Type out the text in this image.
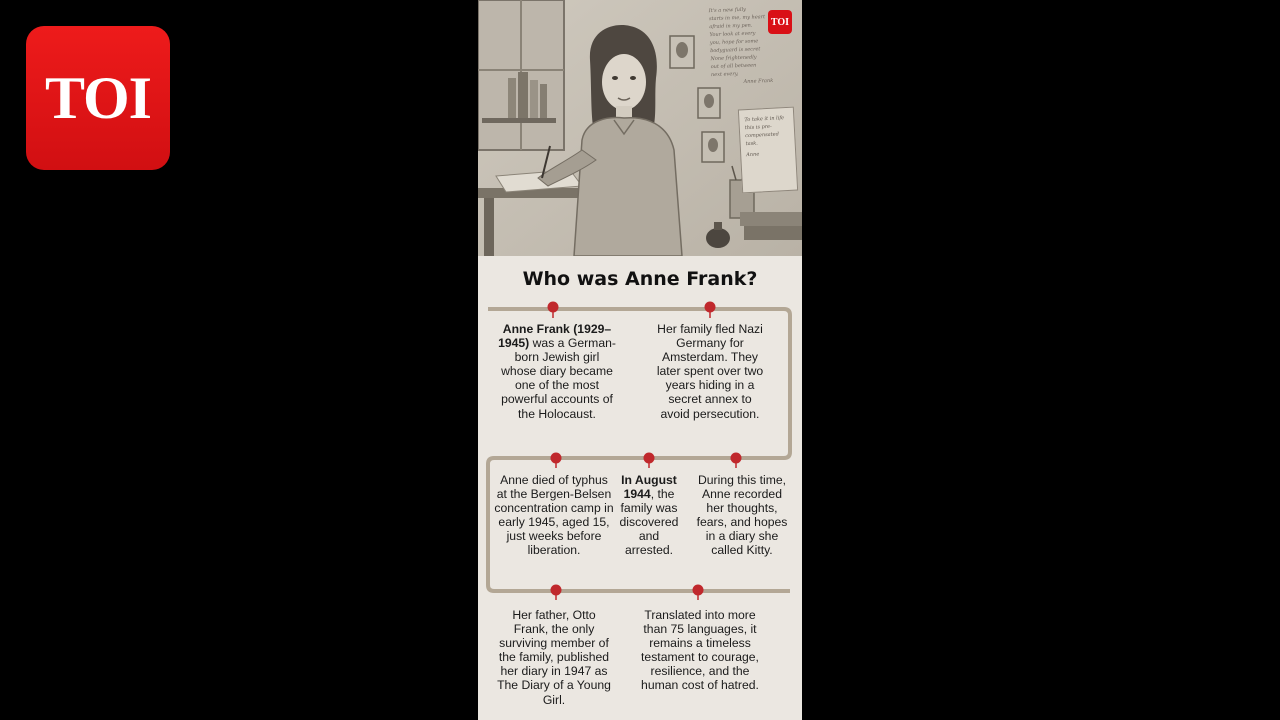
TOI
It's a new fully
starts in me, my heart
afraid in my pen.
Your look at every
you, hope for some
bodyguard is secret
None frightenedly
out of all between
next every,
Anne Frank
To take it in life
this is pre-compensated
task.
Anne
TOI
Who was Anne Frank?
Anne Frank (1929–1945) was a German-born Jewish girl whose diary became one of the most powerful accounts of the Holocaust.
Her family fled Nazi Germany for Amsterdam. They later spent over two years hiding in a secret annex to avoid persecution.
Anne died of typhus at the Bergen-Belsen concentration camp in early 1945, aged 15, just weeks before liberation.
In August 1944, the family was discovered and arrested.
During this time, Anne recorded her thoughts, fears, and hopes in a diary she called Kitty.
Her father, Otto Frank, the only surviving member of the family, published her diary in 1947 as The Diary of a Young Girl.
Translated into more than 75 languages, it remains a timeless testament to courage, resilience, and the human cost of hatred.
